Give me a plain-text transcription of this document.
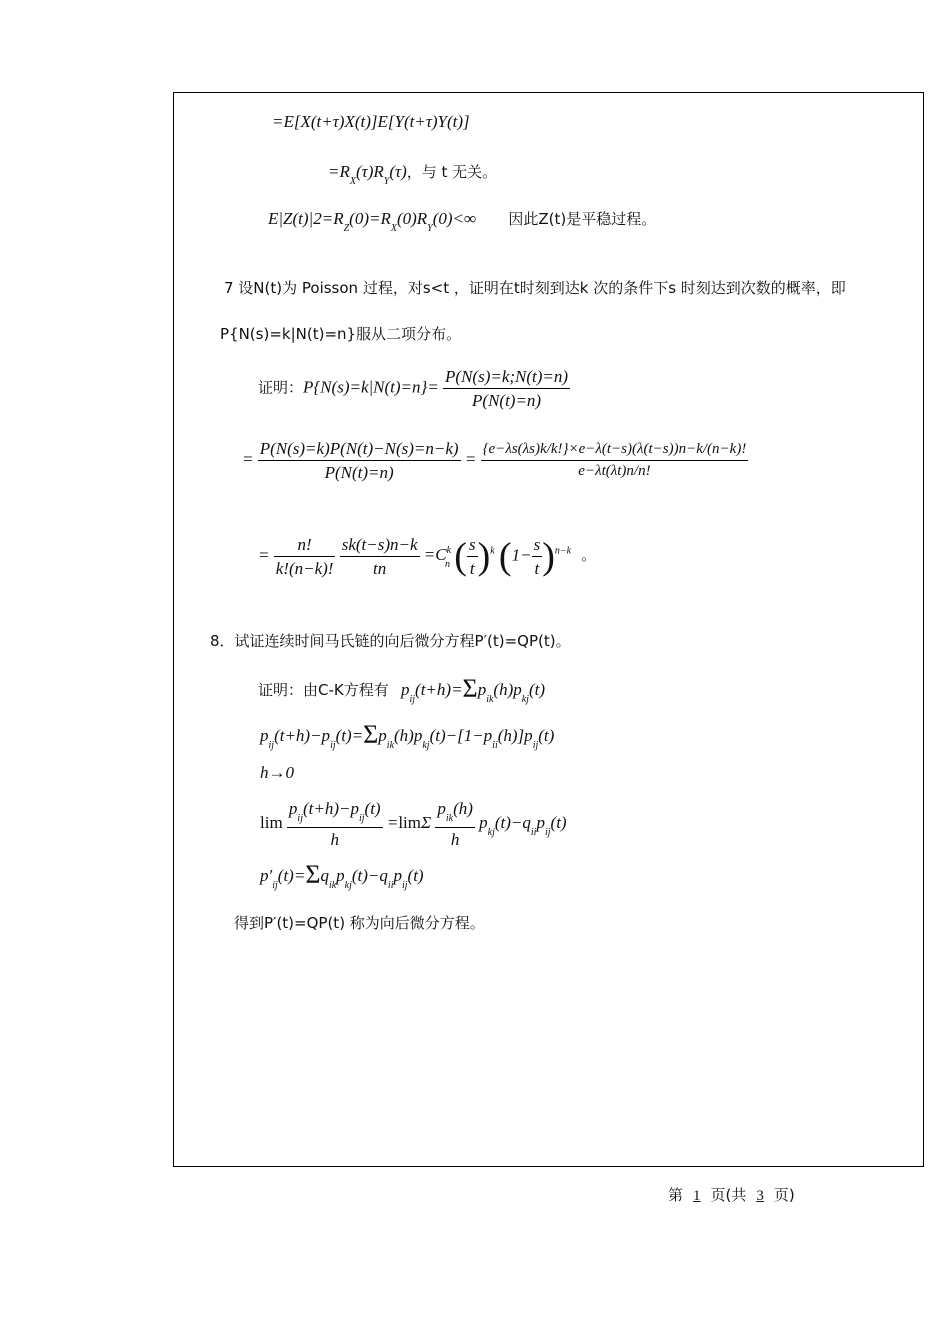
=E[X(t+τ)X(t)]E[Y(t+τ)Y(t)]
$=R_X(\tau)R_Y(\tau)$，与 t 无关。
$E|Z(t)|2=R_Z(0)=R_X(0)R_Y(0)<\infty$ 因此Z(t)是平稳过程。
7 设N(t)为 Poisson 过程，对s<t ，证明在t时刻到达k 次的条件下s 时刻达到次数的概率，即
P{N(s)=k|N(t)=n}服从二项分布。
证明：$P\{N(s)=k|N(t)=n\}= \frac{P(N(s)=k;N(t)=n)}{P(N(t)=n)}$
= $\frac{P(N(s)=k)P(N(t)-N(s)=n-k)}{P(N(t)=n)} = \frac{\{e-\lambda s(\lambda s)k/k!\}\times e-\lambda(t-s)(\lambda(t-s))n-k/(n-k)!}{e-\lambda t(\lambda t)n/n!}$
= $\frac{n!}{k!(n-k)!}$
$\frac{sk(t-s)n-k}{tn} =C^k_n$ ( $\frac{s}{t} )^k$ $(1- \frac{s}{t} )^{n-k}$ 。
8．试证连续时间马氏链的向后微分方程P′(t)=QP(t)。
证明：由C-K方程有 $p_{ij}(t+h)=\Sigma p_{ik}(h)p_{kj}(t)$
$p_{ij}(t+h)-p_{ij}(t)=\Sigma p_{ik}(h)p_{kj}(t)-[1-p_{ii}(h)]p_{ij}(t)$
h→0
$\lim \frac{p_{ij}(t+h)-p_{ij}(t)}{h} =\lim\Sigma \frac{p_{ik}(h)}{h} p_{kj}(t)-q_{ii}p_{ij}(t)$
$p'_{ij}(t)=\Sigma q_{ik}p_{kj}(t)-q_{ii}p_{ij}(t)$
得到P′(t)=QP(t) 称为向后微分方程。
第 1 页(共 3 页)
